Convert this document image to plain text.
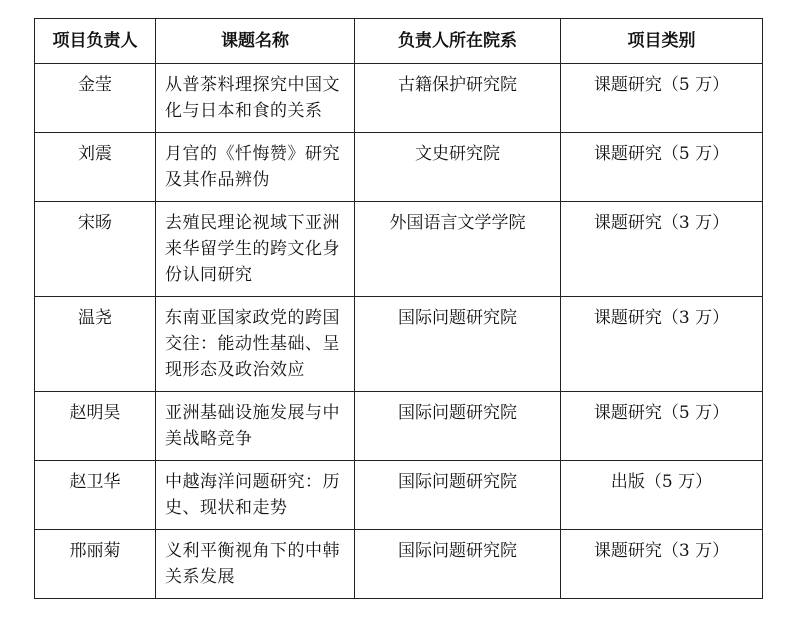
项目负责人	课题名称	负责人所在院系	项目类别
金莹	从普茶料理探究中国文化与日本和食的关系	古籍保护研究院	课题研究（5 万）
刘震	月官的《忏悔赞》研究及其作品辨伪	文史研究院	课题研究（5 万）
宋旸	去殖民理论视域下亚洲来华留学生的跨文化身份认同研究	外国语言文学学院	课题研究（3 万）
温尧	东南亚国家政党的跨国交往：能动性基础、呈现形态及政治效应	国际问题研究院	课题研究（3 万）
赵明昊	亚洲基础设施发展与中美战略竞争	国际问题研究院	课题研究（5 万）
赵卫华	中越海洋问题研究：历史、现状和走势	国际问题研究院	出版（5 万）
邢丽菊	义利平衡视角下的中韩关系发展	国际问题研究院	课题研究（3 万）
